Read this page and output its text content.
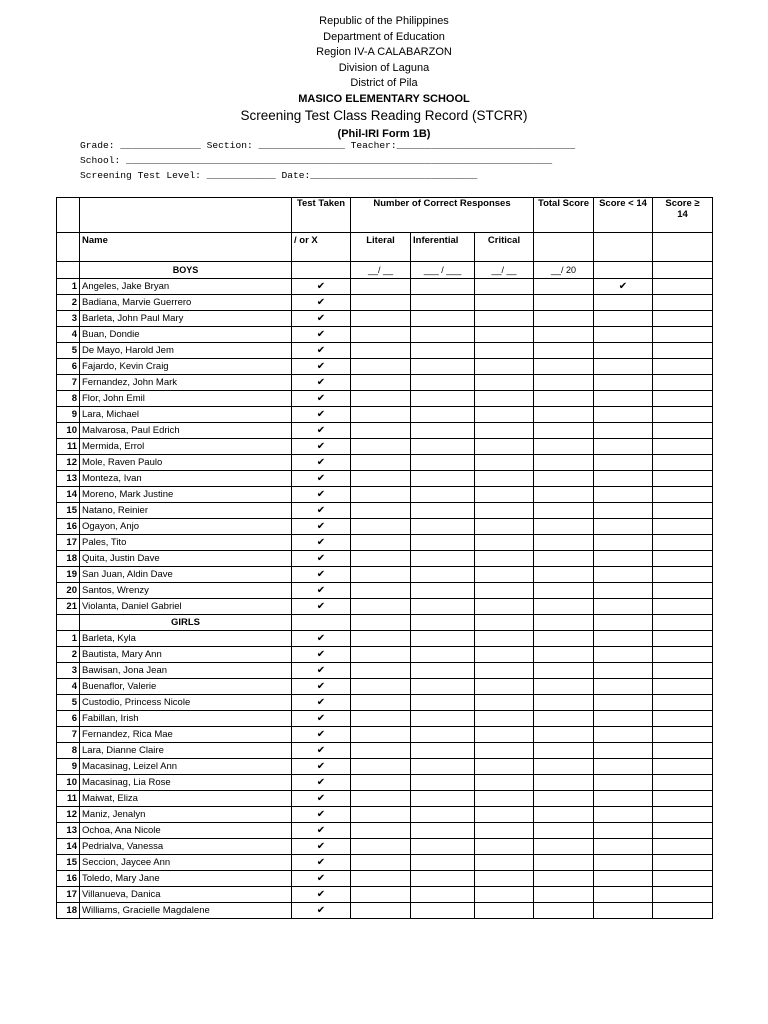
Republic of the Philippines
Department of Education
Region IV-A CALABARZON
Division of Laguna
District of Pila
MASICO ELEMENTARY SCHOOL
Screening Test Class Reading Record (STCRR)
(Phil-IRI Form 1B)
Grade: ______________ Section: _______________ Teacher:_______________________________
School: __________________________________________________________________________
Screening Test Level: ____________ Date:_____________________________
		Test Taken	Number of Correct Responses			Total Score	Score < 14	Score ≥
14
	Name	/ or X	Literal	Inferential	Critical			
	BOYS		__/ __	___ / ___	__/ __	__/ 20		
1	Angeles, Jake Bryan	✔					✔	
2	Badiana, Marvie Guerrero	✔						
3	Barleta, John Paul Mary	✔						
4	Buan, Dondie	✔						
5	De Mayo, Harold Jem	✔						
6	Fajardo, Kevin Craig	✔						
7	Fernandez, John Mark	✔						
8	Flor, John Emil	✔						
9	Lara, Michael	✔						
10	Malvarosa, Paul Edrich	✔						
11	Mermida, Errol	✔						
12	Mole, Raven Paulo	✔						
13	Monteza, Ivan	✔						
14	Moreno, Mark Justine	✔						
15	Natano, Reinier	✔						
16	Ogayon, Anjo	✔						
17	Pales, Tito	✔						
18	Quita, Justin Dave	✔						
19	San Juan, Aldin Dave	✔						
20	Santos, Wrenzy	✔						
21	Violanta, Daniel Gabriel	✔						
	GIRLS							
1	Barleta, Kyla	✔						
2	Bautista, Mary Ann	✔						
3	Bawisan, Jona Jean	✔						
4	Buenaflor, Valerie	✔						
5	Custodio, Princess Nicole	✔						
6	Fabillan, Irish	✔						
7	Fernandez, Rica Mae	✔						
8	Lara, Dianne Claire	✔						
9	Macasinag, Leizel Ann	✔						
10	Macasinag, Lia Rose	✔						
11	Maiwat, Eliza	✔						
12	Maniz, Jenalyn	✔						
13	Ochoa, Ana Nicole	✔						
14	Pedrialva, Vanessa	✔						
15	Seccion, Jaycee Ann	✔						
16	Toledo, Mary Jane	✔						
17	Villanueva, Danica	✔						
18	Williams, Gracielle Magdalene	✔						
